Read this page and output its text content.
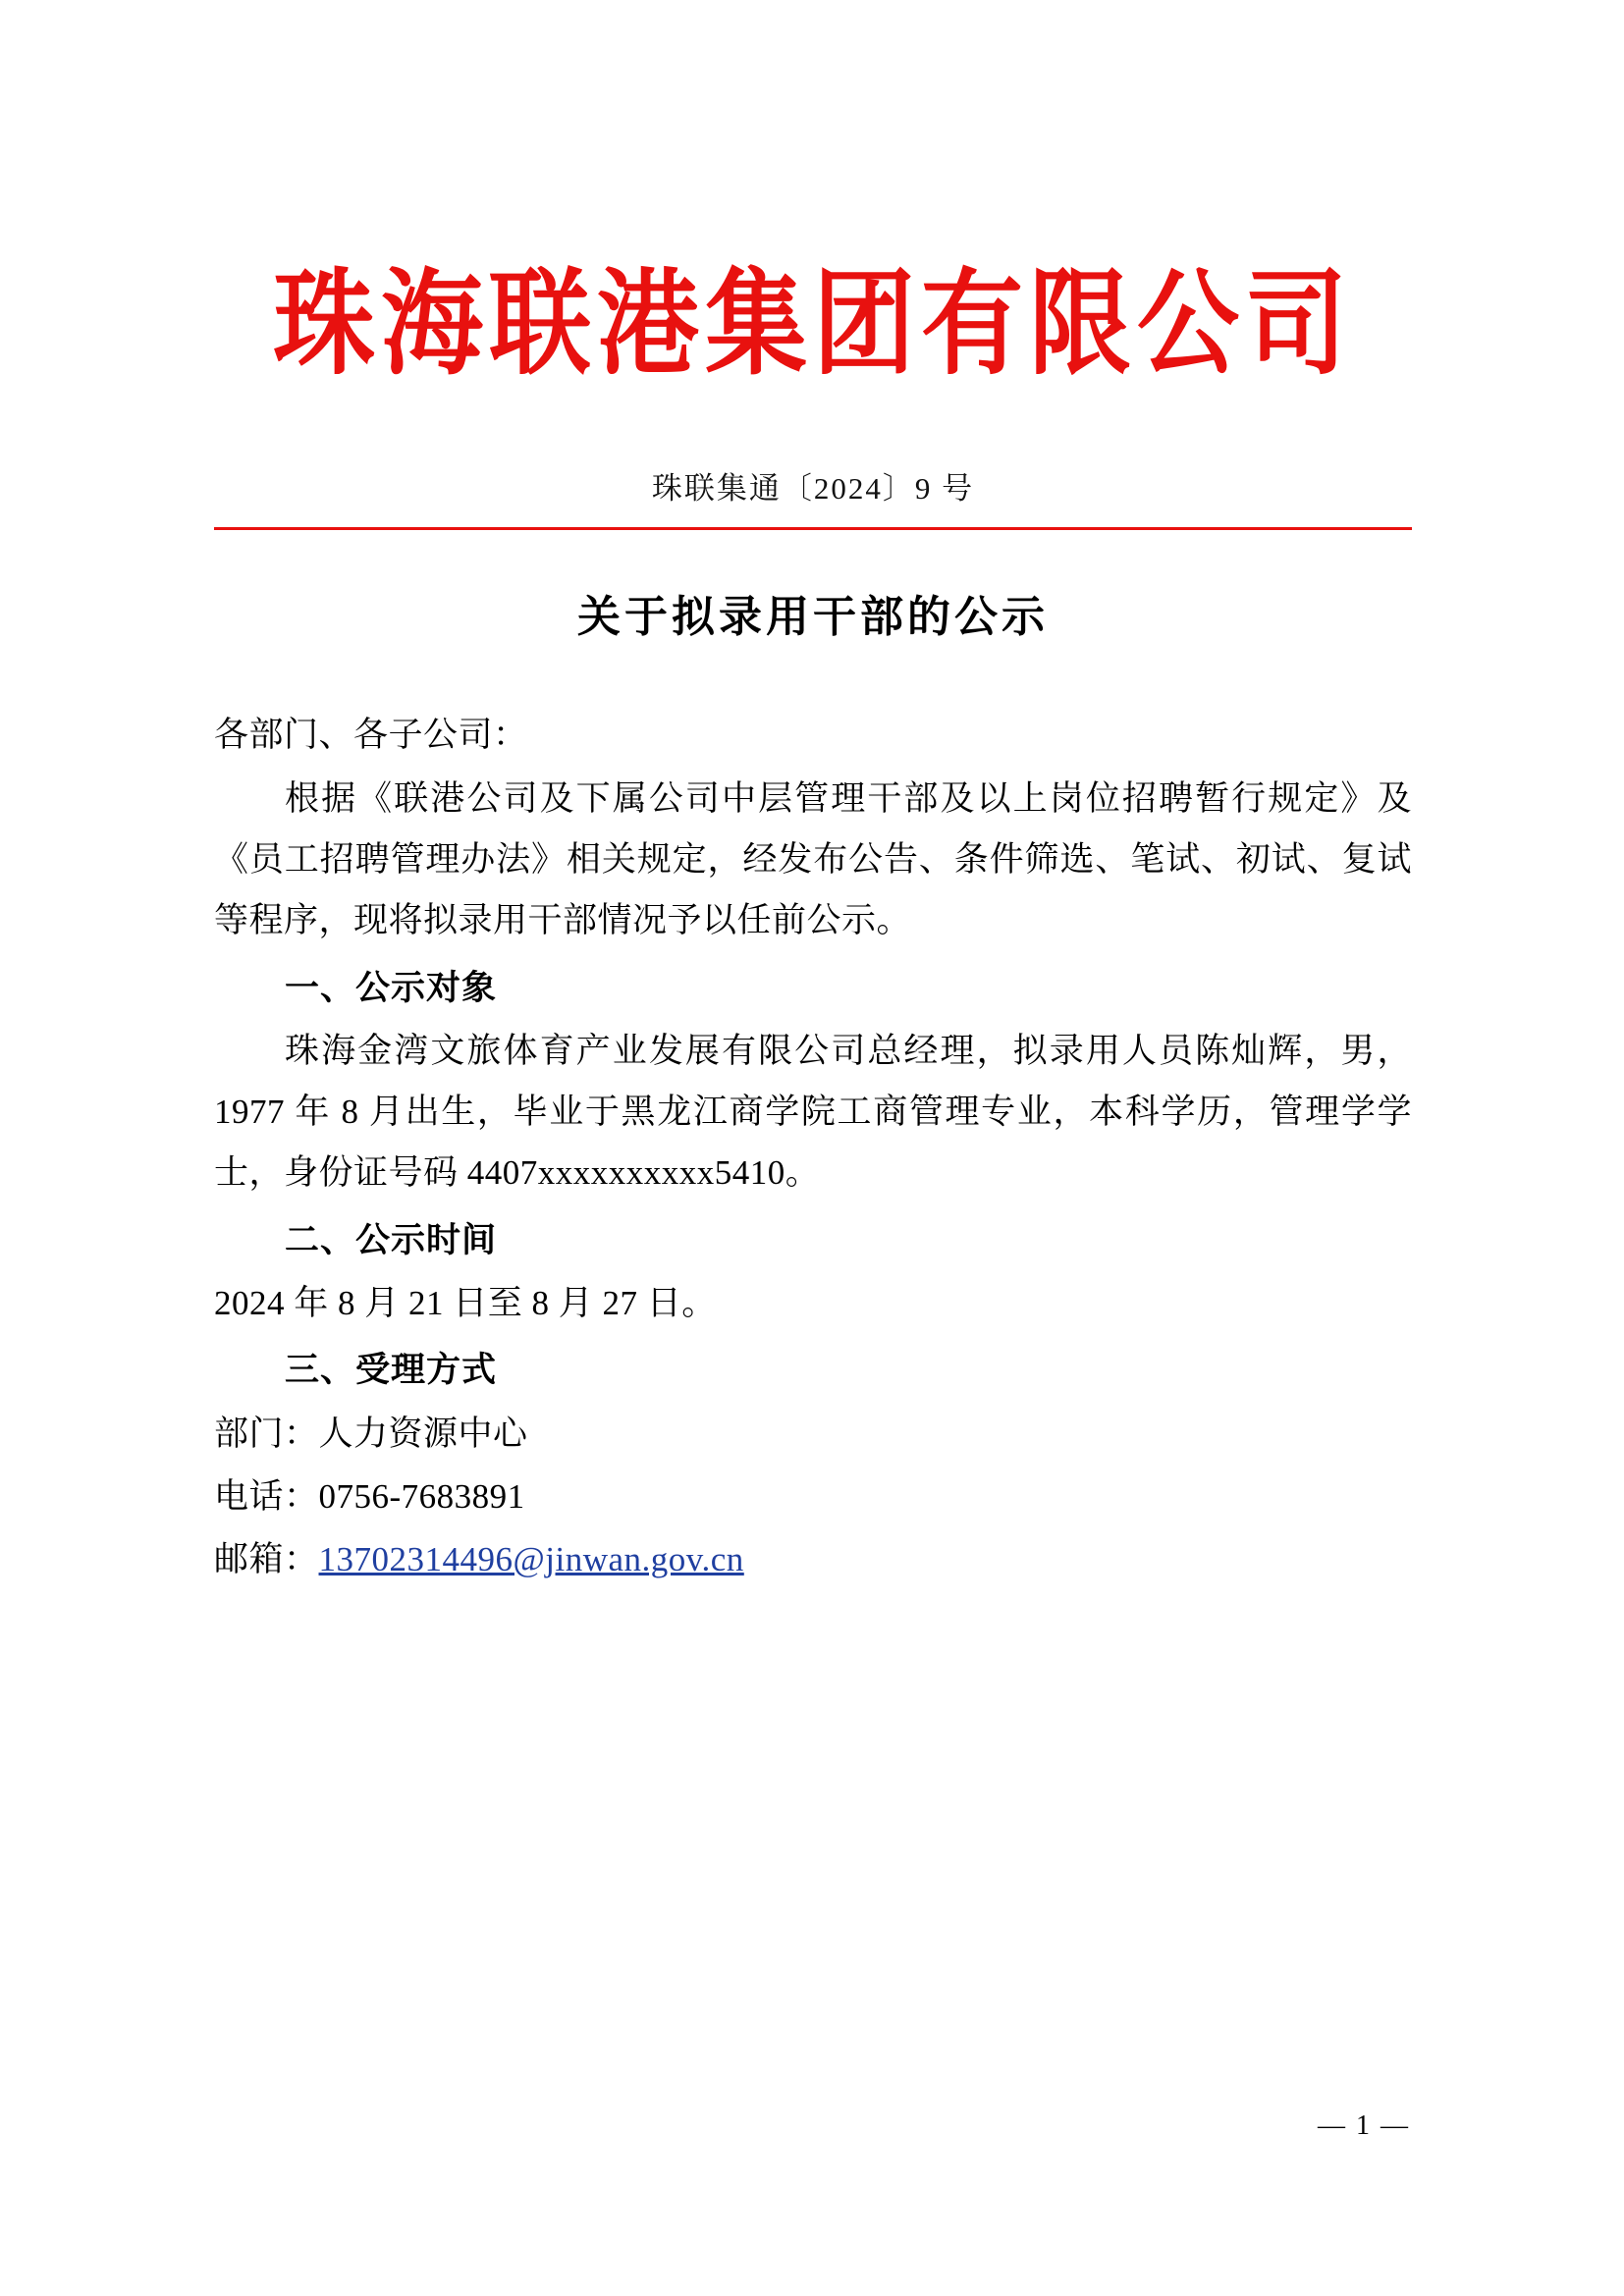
珠海联港集团有限公司
珠联集通〔2024〕9 号
关于拟录用干部的公示

各部门、各子公司：

根据《联港公司及下属公司中层管理干部及以上岗位招聘暂行规定》及《员工招聘管理办法》相关规定，经发布公告、条件筛选、笔试、初试、复试等程序，现将拟录用干部情况予以任前公示。

一、公示对象

珠海金湾文旅体育产业发展有限公司总经理，拟录用人员陈灿辉，男，1977 年 8 月出生，毕业于黑龙江商学院工商管理专业，本科学历，管理学学士，身份证号码 4407xxxxxxxxxx5410。

二、公示时间

2024 年 8 月 21 日至 8 月 27 日。

三、受理方式

部门：人力资源中心

电话：0756-7683891

邮箱：13702314496@jinwan.gov.cn

— 1 —
